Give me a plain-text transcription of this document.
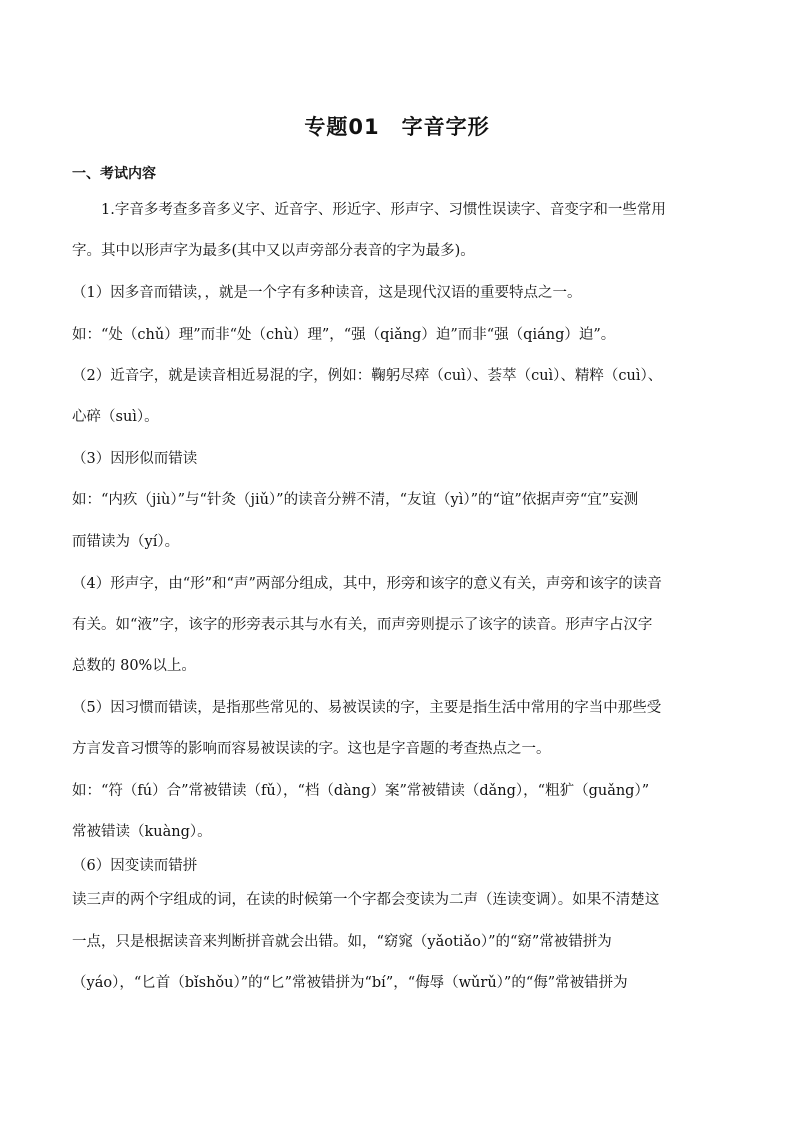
专题01　字音字形
一、考试内容
　　1.字音多考查多音多义字、近音字、形近字、形声字、习惯性误读字、音变字和一些常用
字。其中以形声字为最多(其中又以声旁部分表音的字为最多)。
（1）因多音而错读，，就是一个字有多种读音，这是现代汉语的重要特点之一。
如：“处（chǔ）理”而非“处（chù）理”，“强（qiǎng）迫”而非“强（qiáng）迫”。
（2）近音字，就是读音相近易混的字，例如：鞠躬尽瘁（cuì）、荟萃（cuì）、精粹（cuì）、
心碎（suì）。
（3）因形似而错读
如：“内疚（jiù）”与“针灸（jiǔ）”的读音分辨不清，“友谊（yì）”的“谊”依据声旁“宜”妄测
而错读为（yí）。
（4）形声字，由“形”和“声”两部分组成，其中，形旁和该字的意义有关，声旁和该字的读音
有关。如“液”字，该字的形旁表示其与水有关，而声旁则提示了该字的读音。形声字占汉字
总数的 80%以上。
（5）因习惯而错读，是指那些常见的、易被误读的字，主要是指生活中常用的字当中那些受
方言发音习惯等的影响而容易被误读的字。这也是字音题的考查热点之一。
如：“符（fú）合”常被错读（fǔ），“档（dàng）案”常被错读（dǎng），“粗犷（guǎng）”
常被错读（kuàng）。
（6）因变读而错拼
读三声的两个字组成的词，在读的时候第一个字都会变读为二声（连读变调）。如果不清楚这
一点，只是根据读音来判断拼音就会出错。如，“窈窕（yǎotiǎo）”的“窈”常被错拼为
（yáo），“匕首（bǐshǒu）”的“匕”常被错拼为“bí”，“侮辱（wǔrǔ）”的“侮”常被错拼为
